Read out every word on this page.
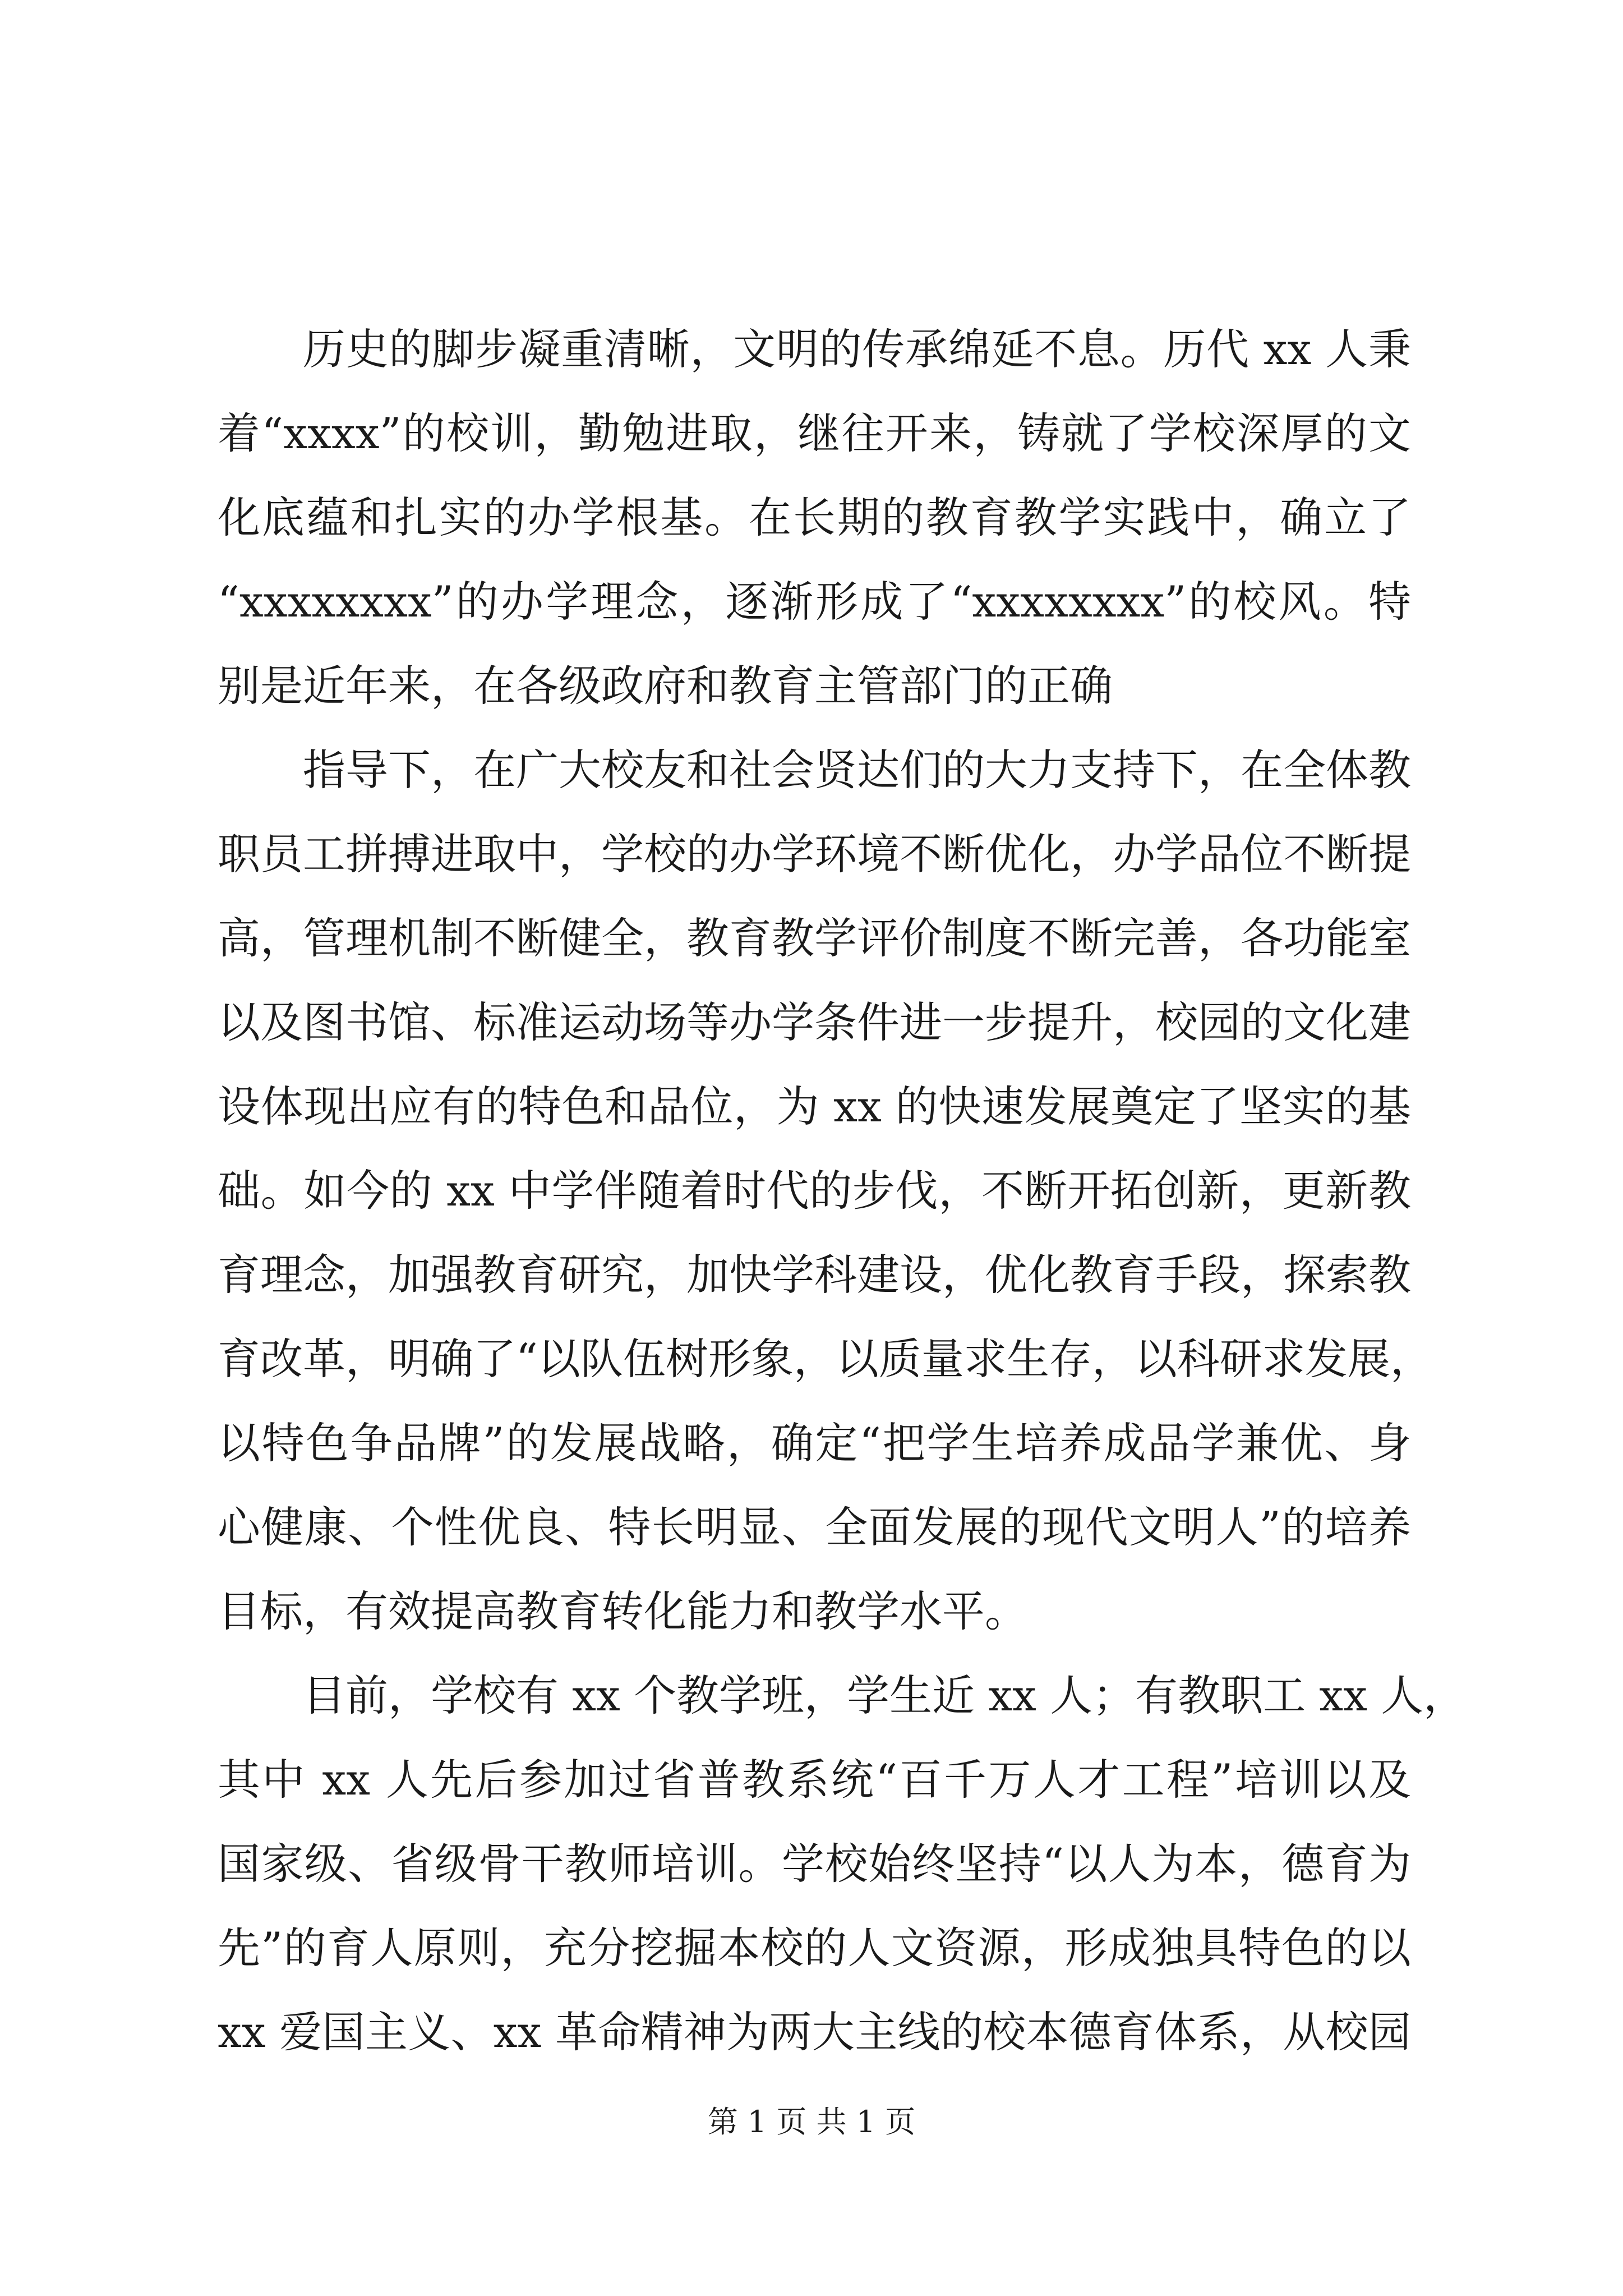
历史的脚步凝重清晰，文明的传承绵延不息。历代 xx 人秉
着“xxxx”的校训，勤勉进取，继往开来，铸就了学校深厚的文
化底蕴和扎实的办学根基。在长期的教育教学实践中，确立了
“xxxxxxxx”的办学理念，逐渐形成了“xxxxxxxx”的校风。特
别是近年来，在各级政府和教育主管部门的正确
指导下，在广大校友和社会贤达们的大力支持下，在全体教
职员工拼搏进取中，学校的办学环境不断优化，办学品位不断提
高，管理机制不断健全，教育教学评价制度不断完善，各功能室
以及图书馆、标准运动场等办学条件进一步提升，校园的文化建
设体现出应有的特色和品位，为 xx 的快速发展奠定了坚实的基
础。如今的 xx 中学伴随着时代的步伐，不断开拓创新，更新教
育理念，加强教育研究，加快学科建设，优化教育手段，探索教
育改革，明确了“以队伍树形象，以质量求生存，以科研求发展，
以特色争品牌”的发展战略，确定“把学生培养成品学兼优、身
心健康、个性优良、特长明显、全面发展的现代文明人”的培养
目标，有效提高教育转化能力和教学水平。
目前，学校有 xx 个教学班，学生近 xx 人；有教职工 xx 人，
其中 xx 人先后参加过省普教系统“百千万人才工程”培训以及
国家级、省级骨干教师培训。学校始终坚持“以人为本，德育为
先”的育人原则，充分挖掘本校的人文资源，形成独具特色的以
xx 爱国主义、xx 革命精神为两大主线的校本德育体系，从校园
第 1 页 共 1 页
